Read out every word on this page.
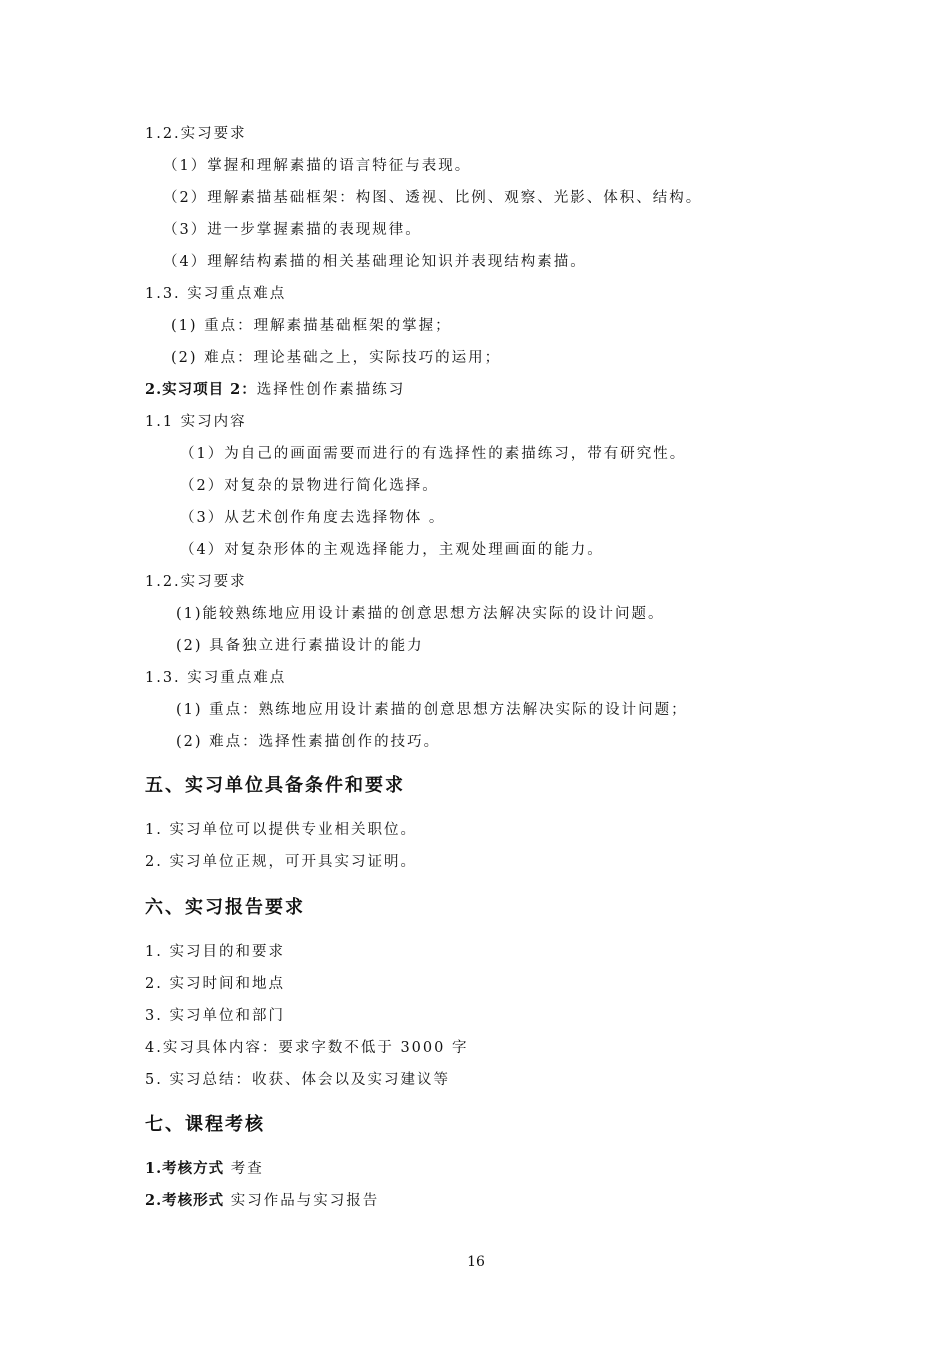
1.2.实习要求
（1）掌握和理解素描的语言特征与表现。
（2）理解素描基础框架：构图、透视、比例、观察、光影、体积、结构。
（3）进一步掌握素描的表现规律。
（4）理解结构素描的相关基础理论知识并表现结构素描。
1.3. 实习重点难点
(1) 重点：理解素描基础框架的掌握；
(2) 难点：理论基础之上，实际技巧的运用；
2.实习项目 2：选择性创作素描练习
1.1 实习内容
（1）为自己的画面需要而进行的有选择性的素描练习，带有研究性。
（2）对复杂的景物进行简化选择。
（3）从艺术创作角度去选择物体 。
（4）对复杂形体的主观选择能力，主观处理画面的能力。
1.2.实习要求
(1)能较熟练地应用设计素描的创意思想方法解决实际的设计问题。
(2) 具备独立进行素描设计的能力
1.3. 实习重点难点
(1) 重点：熟练地应用设计素描的创意思想方法解决实际的设计问题；
(2) 难点：选择性素描创作的技巧。
五、实习单位具备条件和要求
1. 实习单位可以提供专业相关职位。
2. 实习单位正规，可开具实习证明。
六、实习报告要求
1. 实习目的和要求
2. 实习时间和地点
3. 实习单位和部门
4.实习具体内容：要求字数不低于 3000 字
5. 实习总结：收获、体会以及实习建议等
七、课程考核
1.考核方式 考查
2.考核形式 实习作品与实习报告
16
